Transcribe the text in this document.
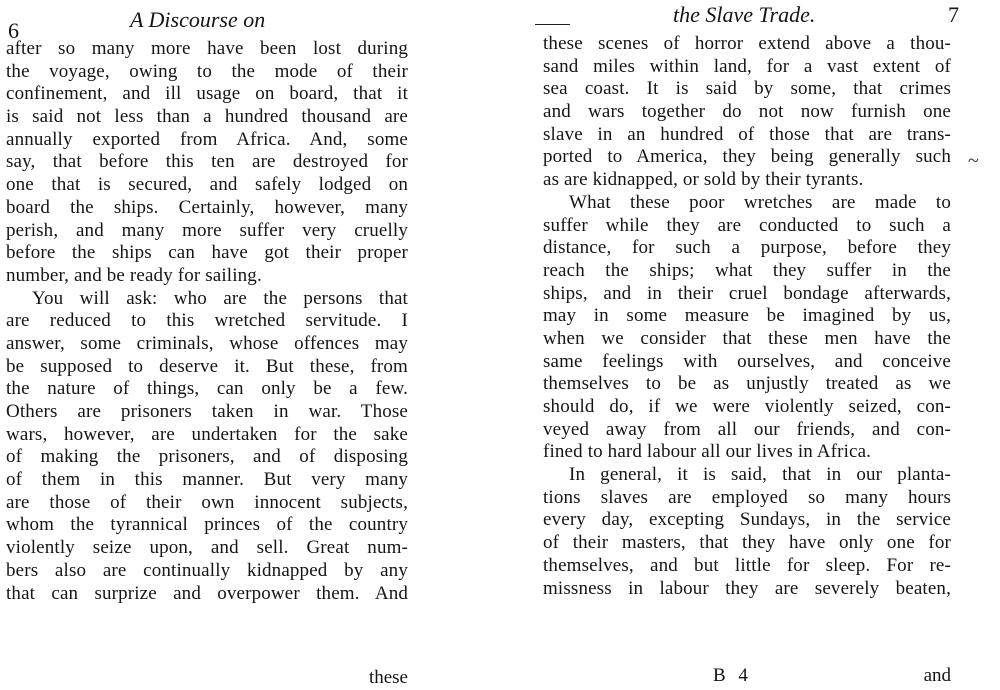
6	A Discourse on
after so many more have been lost during
the voyage, owing to the mode of their
confinement, and ill usage on board, that it
is said not less than a hundred thousand are
annually exported from Africa. And, some
say, that before this ten are destroyed for
one that is secured, and safely lodged on
board the ships. Certainly, however, many
perish, and many more suffer very cruelly
before the ships can have got their proper
number, and be ready for sailing.
You will ask: who are the persons that
are reduced to this wretched servitude. I
answer, some criminals, whose offences may
be supposed to deserve it. But these, from
the nature of things, can only be a few.
Others are prisoners taken in war. Those
wars, however, are undertaken for the sake
of making the prisoners, and of disposing
of them in this manner. But very many
are those of their own innocent subjects,
whom the tyrannical princes of the country
violently seize upon, and sell. Great num-
bers also are continually kidnapped by any
that can surprize and overpower them. And
these
the Slave Trade.	7
these scenes of horror extend above a thou-
sand miles within land, for a vast extent of
sea coast. It is said by some, that crimes
and wars together do not now furnish one
slave in an hundred of those that are trans-
ported to America, they being generally such
as are kidnapped, or sold by their tyrants.
What these poor wretches are made to
suffer while they are conducted to such a
distance, for such a purpose, before they
reach the ships; what they suffer in the
ships, and in their cruel bondage afterwards,
may in some measure be imagined by us,
when we consider that these men have the
same feelings with ourselves, and conceive
themselves to be as unjustly treated as we
should do, if we were violently seized, con-
veyed away from all our friends, and con-
fined to hard labour all our lives in Africa.
In general, it is said, that in our planta-
tions slaves are employed so many hours
every day, excepting Sundays, in the service
of their masters, that they have only one for
themselves, and but little for sleep. For re-
missness in labour they are severely beaten,
B 4	and
~
